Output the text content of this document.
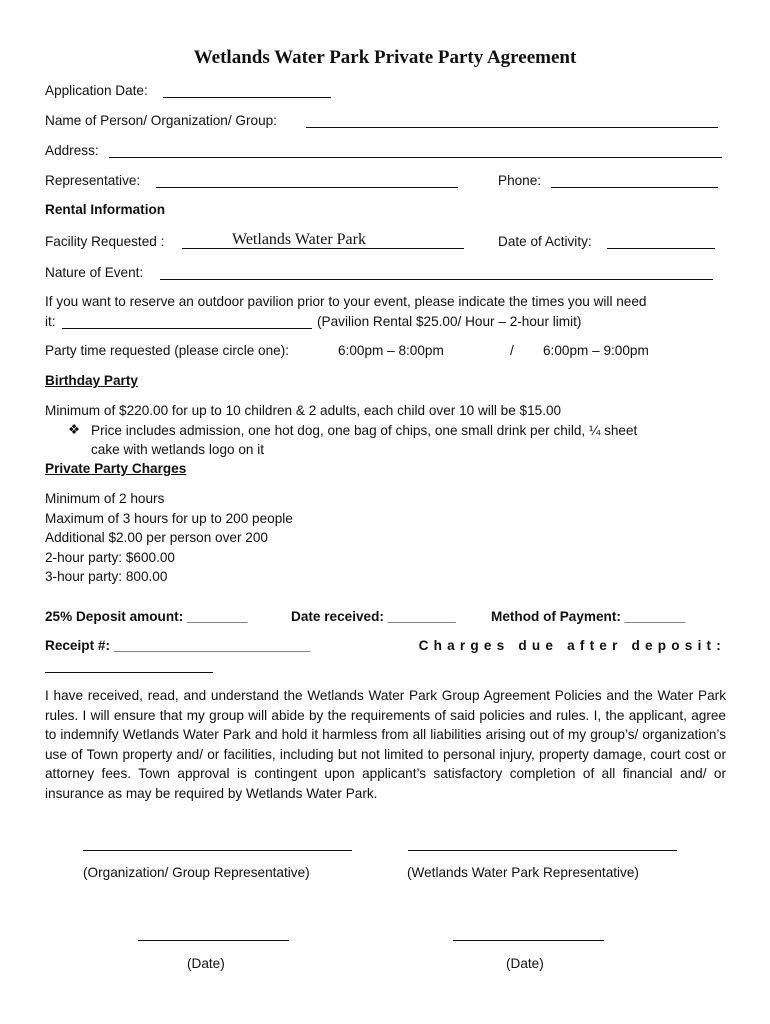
Wetlands Water Park Private Party Agreement
Application Date:
Name of Person/ Organization/ Group:
Address:
Representative:	Phone:
Rental Information
Facility Requested :	Wetlands Water Park	Date of Activity:
Nature of Event:
If you want to reserve an outdoor pavilion prior to your event, please indicate the times you will need
it:	(Pavilion Rental $25.00/ Hour – 2-hour limit)
Party time requested (please circle one):	6:00pm – 8:00pm	/ 6:00pm – 9:00pm
Birthday Party
Minimum of $220.00 for up to 10 children & 2 adults, each child over 10 will be $15.00
❖ Price includes admission, one hot dog, one bag of chips, one small drink per child, ¼ sheet
cake with wetlands logo on it
Private Party Charges
Minimum of 2 hours
Maximum of 3 hours for up to 200 people
Additional $2.00 per person over 200
2-hour party: $600.00
3-hour party: 800.00
25% Deposit amount: ________	Date received: _________	Method of Payment: ________
Receipt #: __________________________	Charges due after deposit:
I have received, read, and understand the Wetlands Water Park Group Agreement Policies and the Water Park rules. I will ensure that my group will abide by the requirements of said policies and rules. I, the applicant, agree to indemnify Wetlands Water Park and hold it harmless from all liabilities arising out of my group’s/ organization’s use of Town property and/ or facilities, including but not limited to personal injury, property damage, court cost or attorney fees. Town approval is contingent upon applicant’s satisfactory completion of all financial and/ or insurance as may be required by Wetlands Water Park.
(Organization/ Group Representative)	(Wetlands Water Park Representative)
(Date)	(Date)
